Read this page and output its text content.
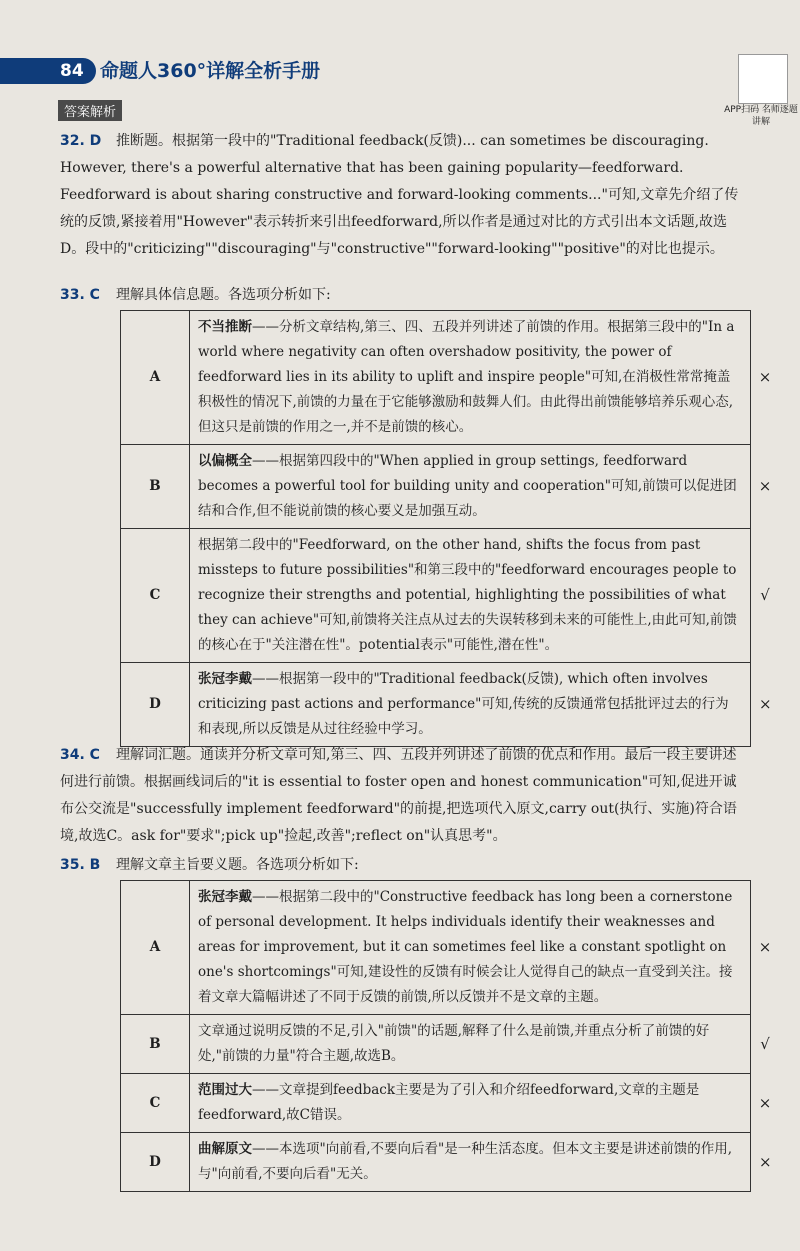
84 命题人360°详解全析手册
APP扫码 名师逐题讲解
答案解析
32. D 推断题。根据第一段中的"Traditional feedback(反馈)... can sometimes be discouraging. However, there's a powerful alternative that has been gaining popularity—feedforward. Feedforward is about sharing constructive and forward-looking comments..."可知,文章先介绍了传统的反馈,紧接着用"However"表示转折来引出feedforward,所以作者是通过对比的方式引出本文话题,故选D。段中的"criticizing""discouraging"与"constructive""forward-looking""positive"的对比也提示。
33. C 理解具体信息题。各选项分析如下:
A	不当推断——分析文章结构,第三、四、五段并列讲述了前馈的作用。根据第三段中的"In a world where negativity can often overshadow positivity, the power of feedforward lies in its ability to uplift and inspire people"可知,在消极性常常掩盖积极性的情况下,前馈的力量在于它能够激励和鼓舞人们。由此得出前馈能够培养乐观心态,但这只是前馈的作用之一,并不是前馈的核心。	×
B	以偏概全——根据第四段中的"When applied in group settings, feedforward becomes a powerful tool for building unity and cooperation"可知,前馈可以促进团结和合作,但不能说前馈的核心要义是加强互动。	×
C	根据第二段中的"Feedforward, on the other hand, shifts the focus from past missteps to future possibilities"和第三段中的"feedforward encourages people to recognize their strengths and potential, highlighting the possibilities of what they can achieve"可知,前馈将关注点从过去的失误转移到未来的可能性上,由此可知,前馈的核心在于"关注潜在性"。potential表示"可能性,潜在性"。	√
D	张冠李戴——根据第一段中的"Traditional feedback(反馈), which often involves criticizing past actions and performance"可知,传统的反馈通常包括批评过去的行为和表现,所以反馈是从过往经验中学习。	×
34. C 理解词汇题。通读并分析文章可知,第三、四、五段并列讲述了前馈的优点和作用。最后一段主要讲述何进行前馈。根据画线词后的"it is essential to foster open and honest communication"可知,促进开诚布公交流是"successfully implement feedforward"的前提,把选项代入原文,carry out(执行、实施)符合语境,故选C。ask for"要求";pick up"捡起,改善";reflect on"认真思考"。
35. B 理解文章主旨要义题。各选项分析如下:
A	张冠李戴——根据第二段中的"Constructive feedback has long been a cornerstone of personal development. It helps individuals identify their weaknesses and areas for improvement, but it can sometimes feel like a constant spotlight on one's shortcomings"可知,建设性的反馈有时候会让人觉得自己的缺点一直受到关注。接着文章大篇幅讲述了不同于反馈的前馈,所以反馈并不是文章的主题。	×
B	文章通过说明反馈的不足,引入"前馈"的话题,解释了什么是前馈,并重点分析了前馈的好处,"前馈的力量"符合主题,故选B。	√
C	范围过大——文章提到feedback主要是为了引入和介绍feedforward,文章的主题是feedforward,故C错误。	×
D	曲解原文——本选项"向前看,不要向后看"是一种生活态度。但本文主要是讲述前馈的作用,与"向前看,不要向后看"无关。	×
